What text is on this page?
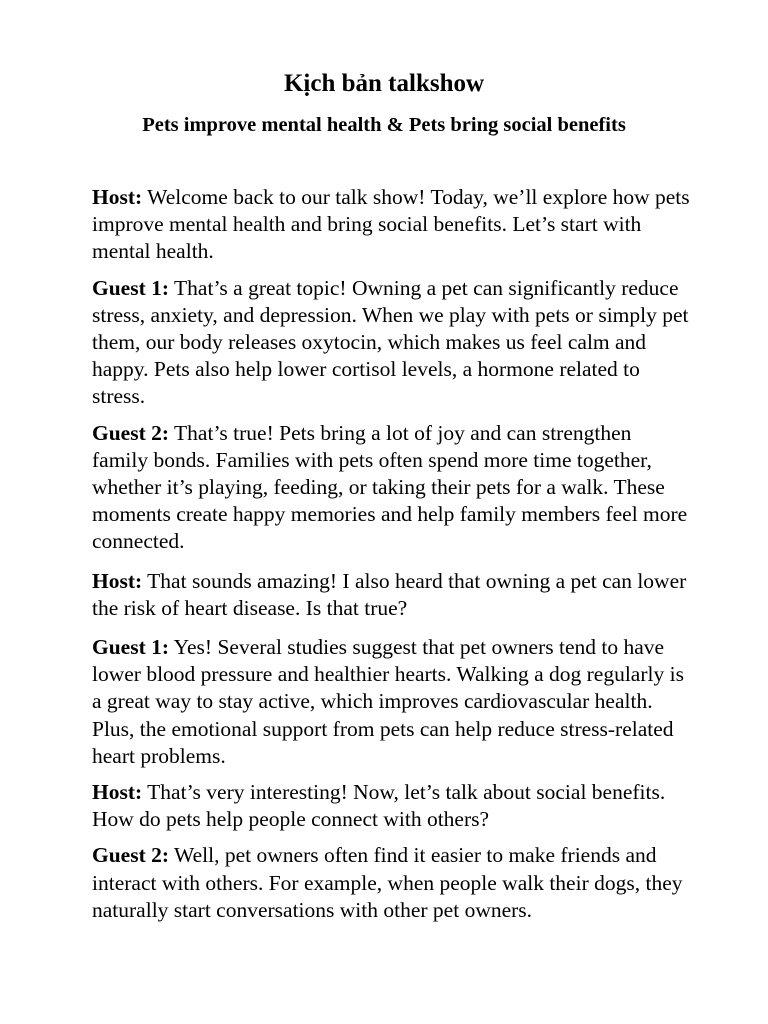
Kịch bản talkshow
Pets improve mental health & Pets bring social benefits

Host: Welcome back to our talk show! Today, we’ll explore how pets improve mental health and bring social benefits. Let’s start with mental health.

Guest 1: That’s a great topic! Owning a pet can significantly reduce stress, anxiety, and depression. When we play with pets or simply pet them, our body releases oxytocin, which makes us feel calm and happy. Pets also help lower cortisol levels, a hormone related to stress.

Guest 2: That’s true! Pets bring a lot of joy and can strengthen family bonds. Families with pets often spend more time together, whether it’s playing, feeding, or taking their pets for a walk. These moments create happy memories and help family members feel more connected.

Host: That sounds amazing! I also heard that owning a pet can lower the risk of heart disease. Is that true?

Guest 1: Yes! Several studies suggest that pet owners tend to have lower blood pressure and healthier hearts. Walking a dog regularly is a great way to stay active, which improves cardiovascular health. Plus, the emotional support from pets can help reduce stress-related heart problems.

Host: That’s very interesting! Now, let’s talk about social benefits. How do pets help people connect with others?

Guest 2: Well, pet owners often find it easier to make friends and interact with others. For example, when people walk their dogs, they naturally start conversations with other pet owners.
